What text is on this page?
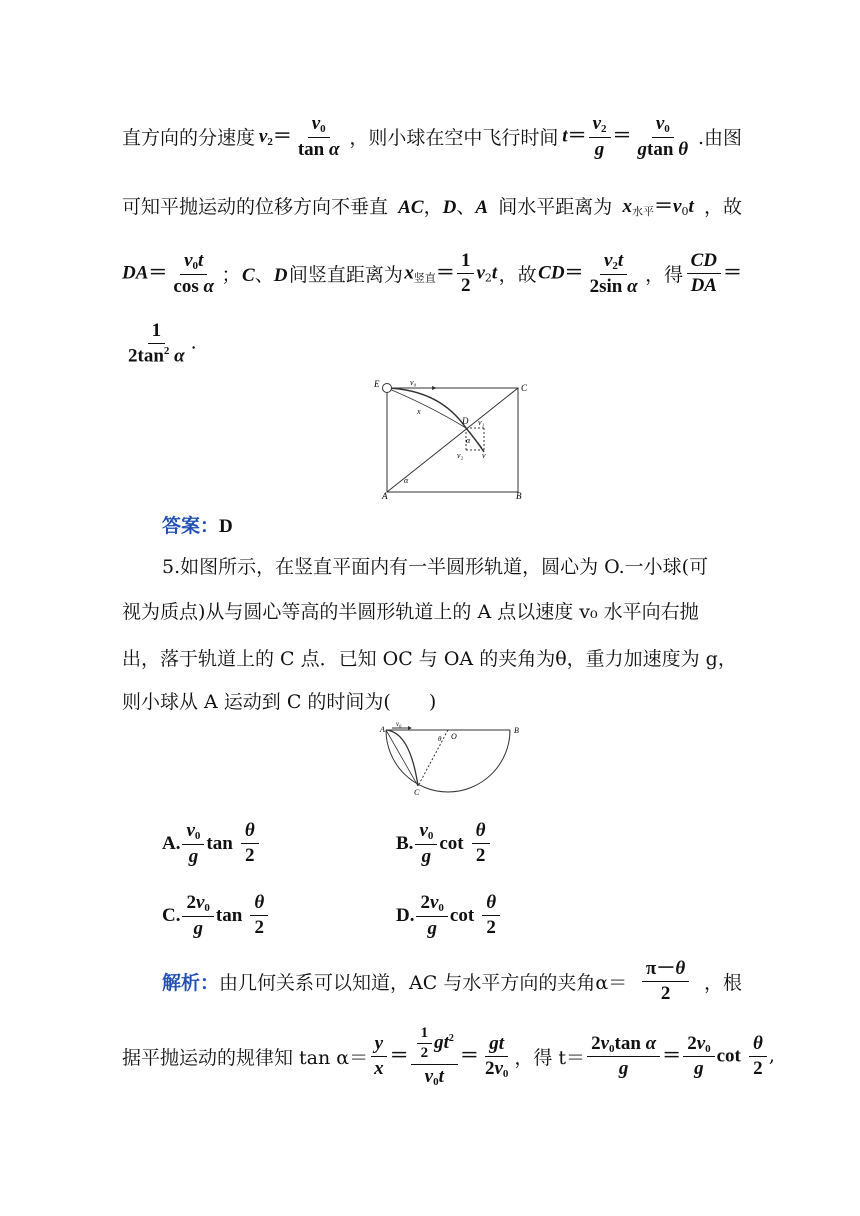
直方向的分速度 $v_2= \frac{v_0}{\text{tan α}}$ ，则小球在空中飞行时间 $t= \frac{v_2}{g} = \frac{v_0}{\text{gtan θ}}$ .由图
可知平抛运动的位移方向不垂直 AC，D、A 间水平距离为 $x_{水平}=v_0t$ ，故
$DA= \frac{v_0t}{\text{cos α}}$ ； C、D 间竖直距离为 $x_{竖直}= \frac{1}{2} v_2t$ ，故 $CD= \frac{v_2t}{\text{2sin α}}$ ，得 $\frac{CD}{DA}$ ＝
$\frac{1}{2\tan^2 \alpha}$ .
E	C
D
A	B
v₀
v₁
v₂ v
x
α
α
答案：D
5.如图所示，在竖直平面内有一半圆形轨道，圆心为 O.一小球(可
视为质点)从与圆心等高的半圆形轨道上的 A 点以速度 v₀ 水平向右抛
出，落于轨道上的 C 点．已知 OC 与 OA 的夹角为θ，重力加速度为 g，
则小球从 A 运动到 C 的时间为(　　)
A	B
O
C
v₀
θ
A. $\frac{v_0}{g}$ $\tan \frac{\theta}{2}$	B. $\frac{v_0}{g}$ $\cot \frac{\theta}{2}$
C. $\frac{2v_0}{g}$ $\tan \frac{\theta}{2}$	D. $\frac{2v_0}{g}$ $\cot \frac{\theta}{2}$
解析：由几何关系可以知道，AC 与水平方向的夹角$\alpha= \frac{\pi-\theta}{2}$ ，根
据平抛运动的规律知 $\tan \alpha= \frac{y}{x} = \frac{\frac{1}{2} gt^2}{v_0t} = \frac{gt}{2v_0}$ ，得 $t= \frac{2v_0\tan \alpha}{g} = \frac{2v_0}{g}$ $\cot \frac{\theta}{2}$ ,
